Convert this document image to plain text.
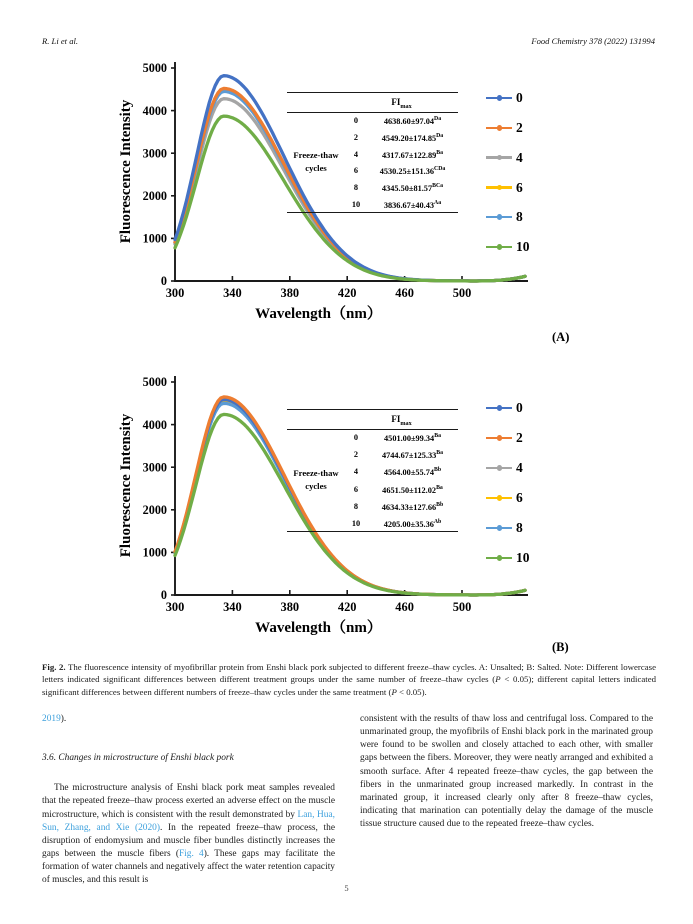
R. Li et al.	Food Chemistry 378 (2022) 131994
0
1000
2000
3000
4000
5000
300	340	380	420	460	500
Wavelength（nm）
Fluorescence Intensity
0
2
4
6
8
10
$FI_{max}$
Freeze-thaw
cycles
0	$4638.60\pm 97.04^{Da}$
2	$4549.20\pm 174.85^{Da}$
4	$4317.67\pm 122.89^{Ba}$
6	$4530.25\pm 151.36^{CDa}$
8	$4345.50\pm 81.57^{BCa}$
10	$3836.67\pm 40.43^{Aa}$
(A)
0
1000
2000
3000
4000
5000
300	340	380	420	460	500
Wavelength（nm）
Fluorescence Intensity
0
2
4
6
8
10
$FI_{max}$
Freeze-thaw
cycles
0	$4501.00\pm 99.34^{Ba}$
2	$4744.67\pm 125.33^{Ba}$
4	$4564.00\pm 55.74^{Bb}$
6	$4651.50\pm 112.02^{Ba}$
8	$4634.33\pm 127.66^{Bb}$
10	$4205.00\pm 35.36^{Ab}$
(B)
Fig. 2. The fluorescence intensity of myofibrillar protein from Enshi black pork subjected to different freeze–thaw cycles. A: Unsalted; B: Salted. Note: Different lowercase letters indicated significant differences between different treatment groups under the same number of freeze–thaw cycles (P < 0.05); different capital letters indicated significant differences between different numbers of freeze–thaw cycles under the same treatment (P < 0.05).

2019).

3.6. Changes in microstructure of Enshi black pork

The microstructure analysis of Enshi black pork meat samples revealed that the repeated freeze–thaw process exerted an adverse effect on the muscle microstructure, which is consistent with the result demonstrated by Lan, Hua, Sun, Zhang, and Xie (2020). In the repeated freeze–thaw process, the disruption of endomysium and muscle fiber bundles distinctly increases the gaps between the muscle fibers (Fig. 4). These gaps may facilitate the formation of water channels and negatively affect the water retention capacity of muscles, and this result is

consistent with the results of thaw loss and centrifugal loss. Compared to the unmarinated group, the myofibrils of Enshi black pork in the marinated group were found to be swollen and closely attached to each other, with smaller gaps between the fibers. Moreover, they were neatly arranged and exhibited a smooth surface. After 4 repeated freeze–thaw cycles, the gap between the fibers in the unmarinated group increased markedly. In contrast in the marinated group, it increased clearly only after 8 freeze–thaw cycles, indicating that marination can potentially delay the damage of the muscle tissue structure caused due to the repeated freeze–thaw cycles.

5
